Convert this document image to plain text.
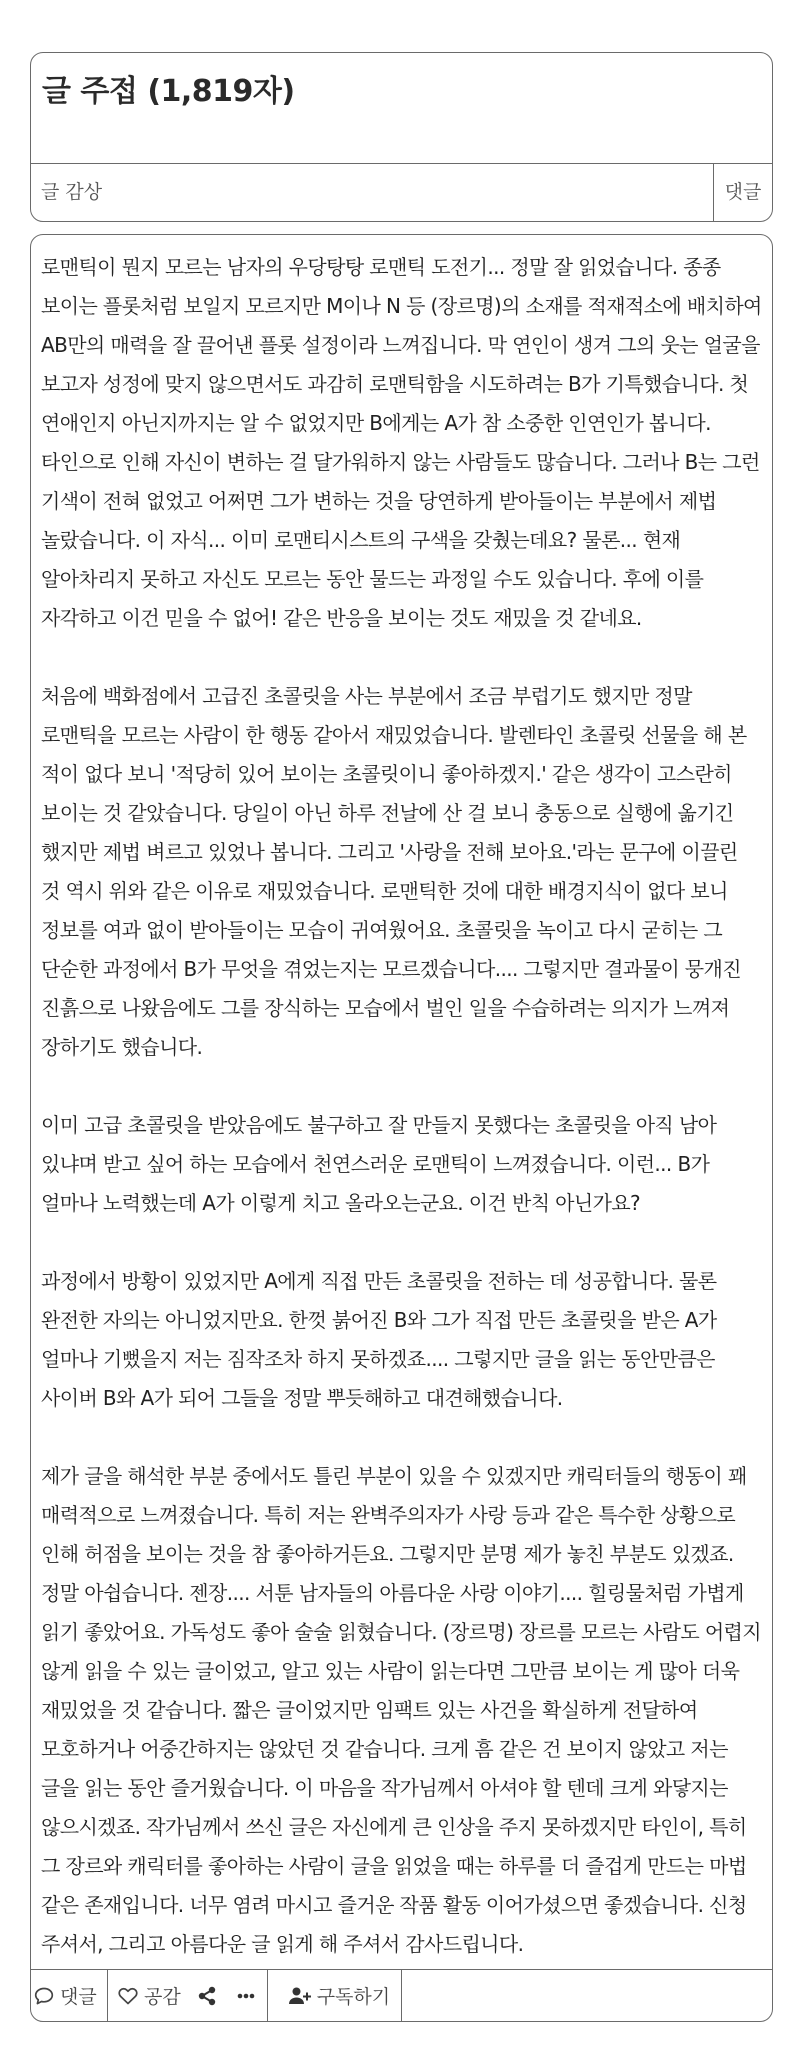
글 주접 (1,819자)
글 감상	댓글

로맨틱이 뭔지 모르는 남자의 우당탕탕 로맨틱 도전기... 정말 잘 읽었습니다. 종종 보이는 플롯처럼 보일지 모르지만 M이나 N 등 (장르명)의 소재를 적재적소에 배치하여 AB만의 매력을 잘 끌어낸 플롯 설정이라 느껴집니다. 막 연인이 생겨 그의 웃는 얼굴을 보고자 성정에 맞지 않으면서도 과감히 로맨틱함을 시도하려는 B가 기특했습니다. 첫 연애인지 아닌지까지는 알 수 없었지만 B에게는 A가 참 소중한 인연인가 봅니다. 타인으로 인해 자신이 변하는 걸 달가워하지 않는 사람들도 많습니다. 그러나 B는 그런 기색이 전혀 없었고 어쩌면 그가 변하는 것을 당연하게 받아들이는 부분에서 제법 놀랐습니다. 이 자식... 이미 로맨티시스트의 구색을 갖췄는데요? 물론... 현재 알아차리지 못하고 자신도 모르는 동안 물드는 과정일 수도 있습니다. 후에 이를 자각하고 이건 믿을 수 없어! 같은 반응을 보이는 것도 재밌을 것 같네요.

처음에 백화점에서 고급진 초콜릿을 사는 부분에서 조금 부럽기도 했지만 정말 로맨틱을 모르는 사람이 한 행동 같아서 재밌었습니다. 발렌타인 초콜릿 선물을 해 본 적이 없다 보니 '적당히 있어 보이는 초콜릿이니 좋아하겠지.' 같은 생각이 고스란히 보이는 것 같았습니다. 당일이 아닌 하루 전날에 산 걸 보니 충동으로 실행에 옮기긴 했지만 제법 벼르고 있었나 봅니다. 그리고 '사랑을 전해 보아요.'라는 문구에 이끌린 것 역시 위와 같은 이유로 재밌었습니다. 로맨틱한 것에 대한 배경지식이 없다 보니 정보를 여과 없이 받아들이는 모습이 귀여웠어요. 초콜릿을 녹이고 다시 굳히는 그 단순한 과정에서 B가 무엇을 겪었는지는 모르겠습니다.... 그렇지만 결과물이 뭉개진 진흙으로 나왔음에도 그를 장식하는 모습에서 벌인 일을 수습하려는 의지가 느껴져 장하기도 했습니다.

이미 고급 초콜릿을 받았음에도 불구하고 잘 만들지 못했다는 초콜릿을 아직 남아 있냐며 받고 싶어 하는 모습에서 천연스러운 로맨틱이 느껴졌습니다. 이런... B가 얼마나 노력했는데 A가 이렇게 치고 올라오는군요. 이건 반칙 아닌가요?

과정에서 방황이 있었지만 A에게 직접 만든 초콜릿을 전하는 데 성공합니다. 물론 완전한 자의는 아니었지만요. 한껏 붉어진 B와 그가 직접 만든 초콜릿을 받은 A가 얼마나 기뻤을지 저는 짐작조차 하지 못하겠죠.... 그렇지만 글을 읽는 동안만큼은 사이버 B와 A가 되어 그들을 정말 뿌듯해하고 대견해했습니다.

제가 글을 해석한 부분 중에서도 틀린 부분이 있을 수 있겠지만 캐릭터들의 행동이 꽤 매력적으로 느껴졌습니다. 특히 저는 완벽주의자가 사랑 등과 같은 특수한 상황으로 인해 허점을 보이는 것을 참 좋아하거든요. 그렇지만 분명 제가 놓친 부분도 있겠죠. 정말 아쉽습니다. 젠장.... 서툰 남자들의 아름다운 사랑 이야기.... 힐링물처럼 가볍게 읽기 좋았어요. 가독성도 좋아 술술 읽혔습니다. (장르명) 장르를 모르는 사람도 어렵지 않게 읽을 수 있는 글이었고, 알고 있는 사람이 읽는다면 그만큼 보이는 게 많아 더욱 재밌었을 것 같습니다. 짧은 글이었지만 임팩트 있는 사건을 확실하게 전달하여 모호하거나 어중간하지는 않았던 것 같습니다. 크게 흠 같은 건 보이지 않았고 저는 글을 읽는 동안 즐거웠습니다. 이 마음을 작가님께서 아셔야 할 텐데 크게 와닿지는 않으시겠죠. 작가님께서 쓰신 글은 자신에게 큰 인상을 주지 못하겠지만 타인이, 특히 그 장르와 캐릭터를 좋아하는 사람이 글을 읽었을 때는 하루를 더 즐겁게 만드는 마법 같은 존재입니다. 너무 염려 마시고 즐거운 작품 활동 이어가셨으면 좋겠습니다. 신청 주셔서, 그리고 아름다운 글 읽게 해 주셔서 감사드립니다.

댓글 공감	구독하기
